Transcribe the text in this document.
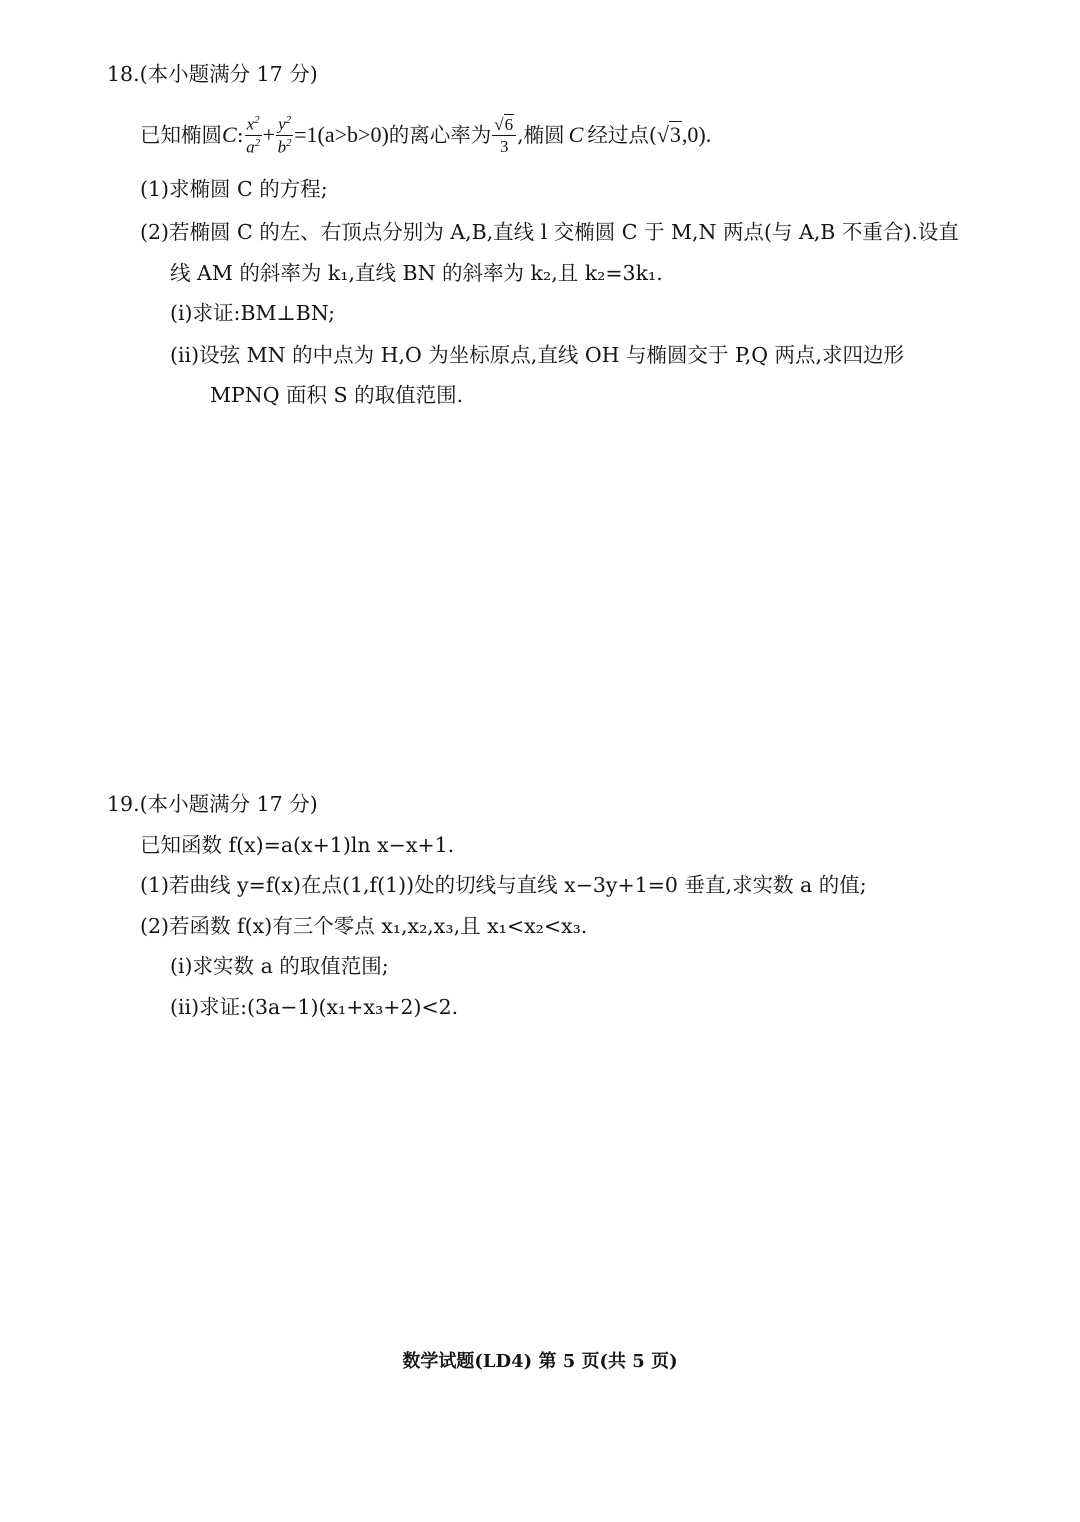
18.(本小题满分 17 分)
已知椭圆 C : $\frac{x^2}{a^2} + \frac{y^2}{b^2} = 1(a>b>0)$ 的离心率为 $\frac{√6}{3}$ ,椭圆 C 经过点( √3 ,0).
(1)求椭圆 C 的方程;
(2)若椭圆 C 的左、右顶点分别为 A,B,直线 l 交椭圆 C 于 M,N 两点(与 A,B 不重合).设直
线 AM 的斜率为 k₁,直线 BN 的斜率为 k₂,且 k₂=3k₁.
(ⅰ)求证:BM⊥BN;
(ⅱ)设弦 MN 的中点为 H,O 为坐标原点,直线 OH 与椭圆交于 P,Q 两点,求四边形
MPNQ 面积 S 的取值范围.
19.(本小题满分 17 分)
已知函数 f(x)=a(x+1)ln x−x+1.
(1)若曲线 y=f(x)在点(1,f(1))处的切线与直线 x−3y+1=0 垂直,求实数 a 的值;
(2)若函数 f(x)有三个零点 x₁,x₂,x₃,且 x₁<x₂<x₃.
(ⅰ)求实数 a 的取值范围;
(ⅱ)求证:(3a−1)(x₁+x₃+2)<2.
数学试题(LD4) 第 5 页(共 5 页)
